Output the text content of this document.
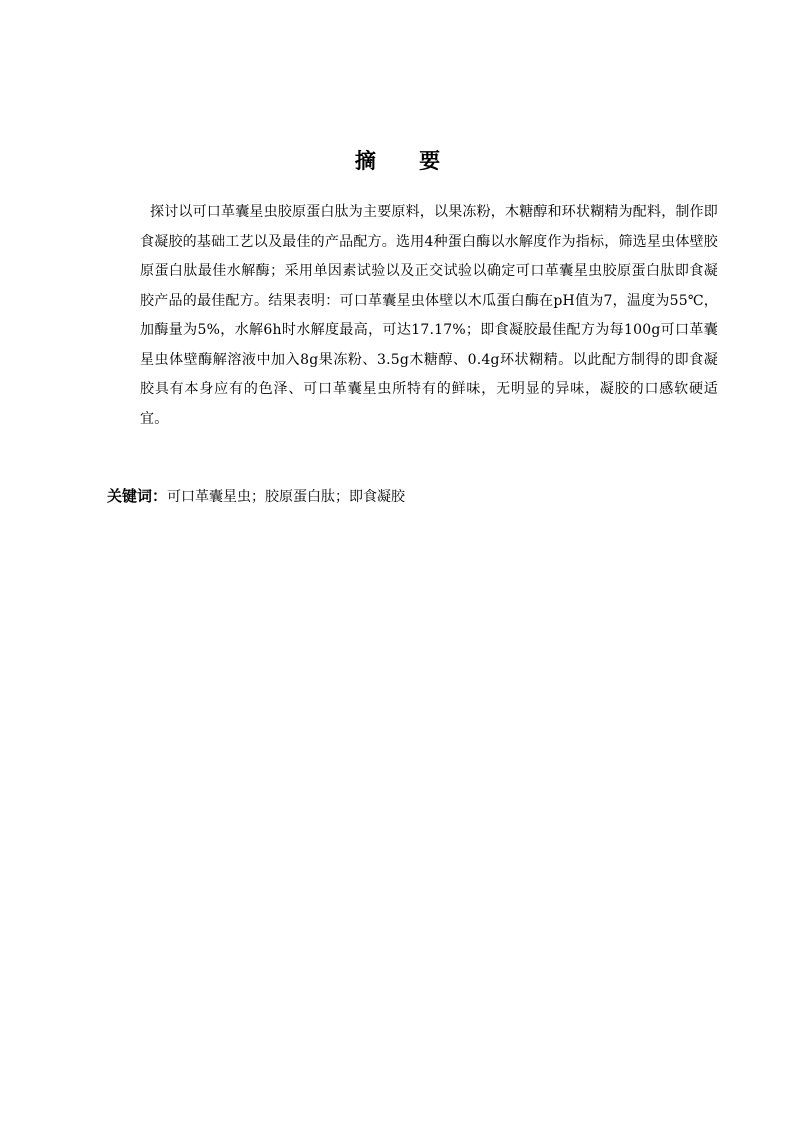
摘 要

探讨以可口革囊星虫胶原蛋白肽为主要原料，以果冻粉，木糖醇和环状糊精为配料，制作即食凝胶的基础工艺以及最佳的产品配方。选用4种蛋白酶以水解度作为指标，筛选星虫体壁胶原蛋白肽最佳水解酶；采用单因素试验以及正交试验以确定可口革囊星虫胶原蛋白肽即食凝胶产品的最佳配方。结果表明：可口革囊星虫体壁以木瓜蛋白酶在pH值为7，温度为55℃，加酶量为5%，水解6h时水解度最高，可达17.17%；即食凝胶最佳配方为每100g可口革囊星虫体壁酶解溶液中加入8g果冻粉、3.5g木糖醇、0.4g环状糊精。以此配方制得的即食凝胶具有本身应有的色泽、可口革囊星虫所特有的鲜味，无明显的异味，凝胶的口感软硬适宜。

关键词：可口革囊星虫；胶原蛋白肽；即食凝胶
